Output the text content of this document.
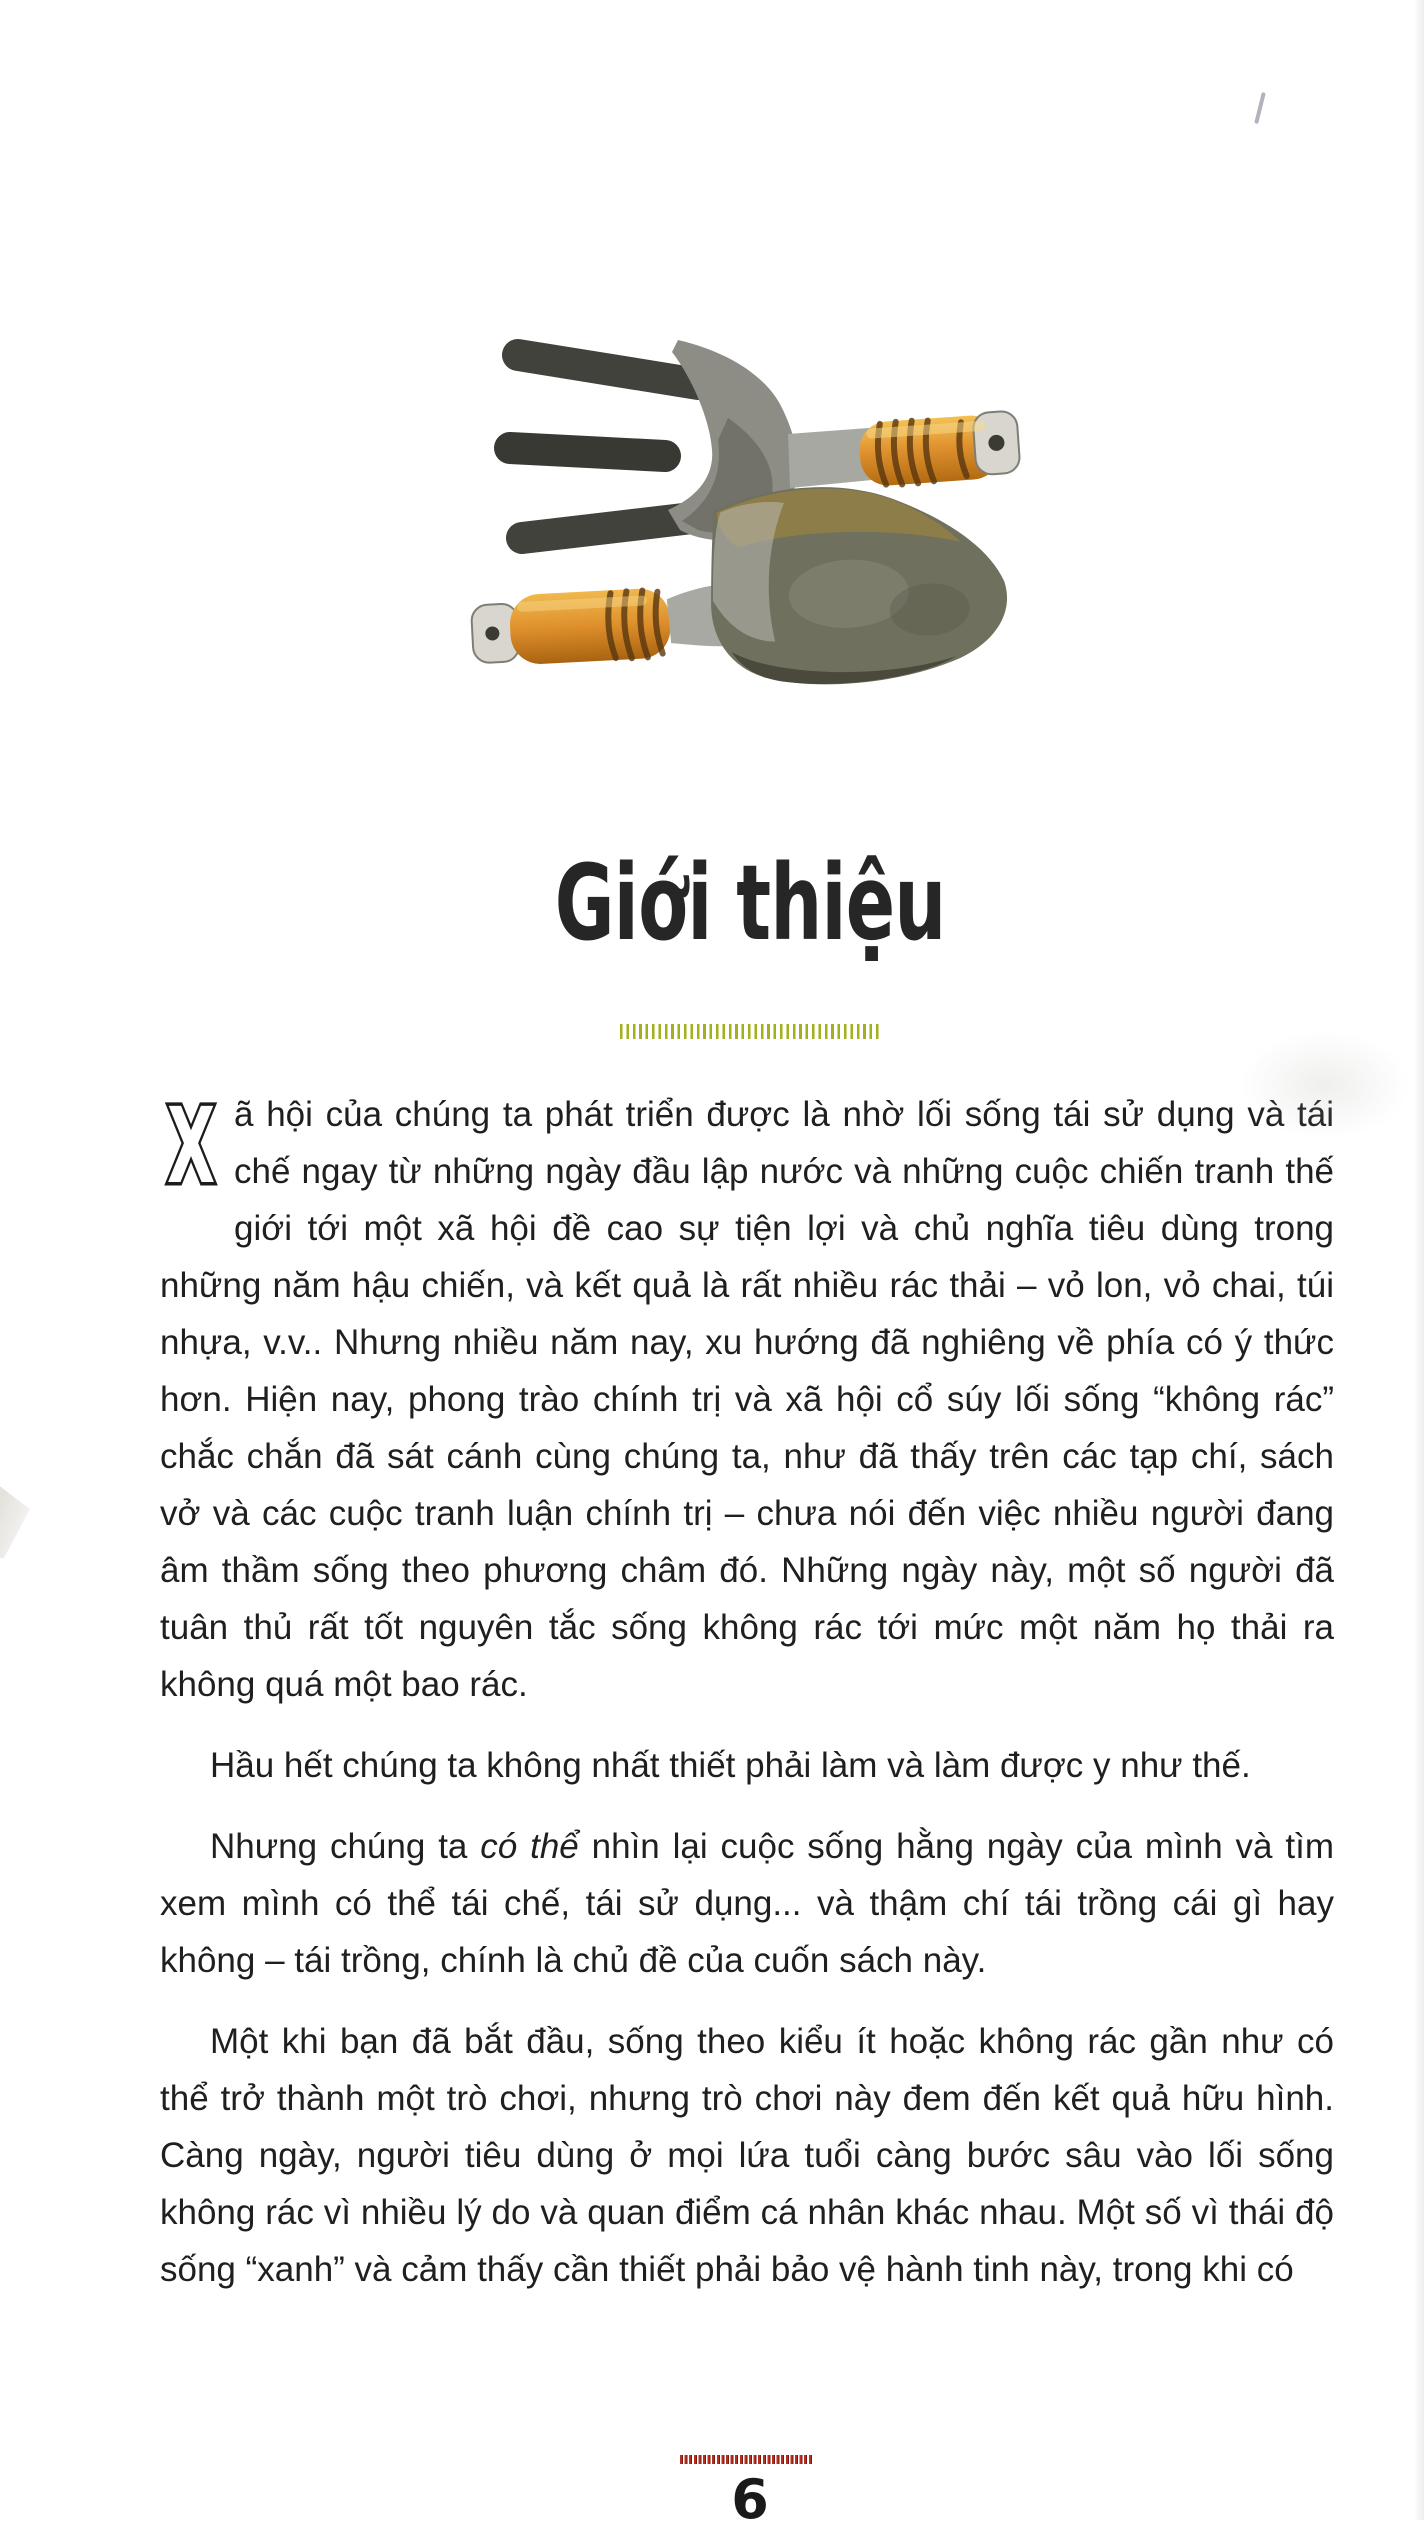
Giới thiệu

X ã hội của chúng ta phát triển được là nhờ lối sống tái sử dụng và tái chế ngay từ những ngày đầu lập nước và những cuộc chiến tranh thế giới tới một xã hội đề cao sự tiện lợi và chủ nghĩa tiêu dùng trong những năm hậu chiến, và kết quả là rất nhiều rác thải – vỏ lon, vỏ chai, túi nhựa, v.v.. Nhưng nhiều năm nay, xu hướng đã nghiêng về phía có ý thức hơn. Hiện nay, phong trào chính trị và xã hội cổ súy lối sống “không rác” chắc chắn đã sát cánh cùng chúng ta, như đã thấy trên các tạp chí, sách vở và các cuộc tranh luận chính trị – chưa nói đến việc nhiều người đang âm thầm sống theo phương châm đó. Những ngày này, một số người đã tuân thủ rất tốt nguyên tắc sống không rác tới mức một năm họ thải ra không quá một bao rác.

Hầu hết chúng ta không nhất thiết phải làm và làm được y như thế.

Nhưng chúng ta có thể nhìn lại cuộc sống hằng ngày của mình và tìm xem mình có thể tái chế, tái sử dụng... và thậm chí tái trồng cái gì hay không – tái trồng, chính là chủ đề của cuốn sách này.

Một khi bạn đã bắt đầu, sống theo kiểu ít hoặc không rác gần như có thể trở thành một trò chơi, nhưng trò chơi này đem đến kết quả hữu hình. Càng ngày, người tiêu dùng ở mọi lứa tuổi càng bước sâu vào lối sống không rác vì nhiều lý do và quan điểm cá nhân khác nhau. Một số vì thái độ sống “xanh” và cảm thấy cần thiết phải bảo vệ hành tinh này, trong khi có

6
